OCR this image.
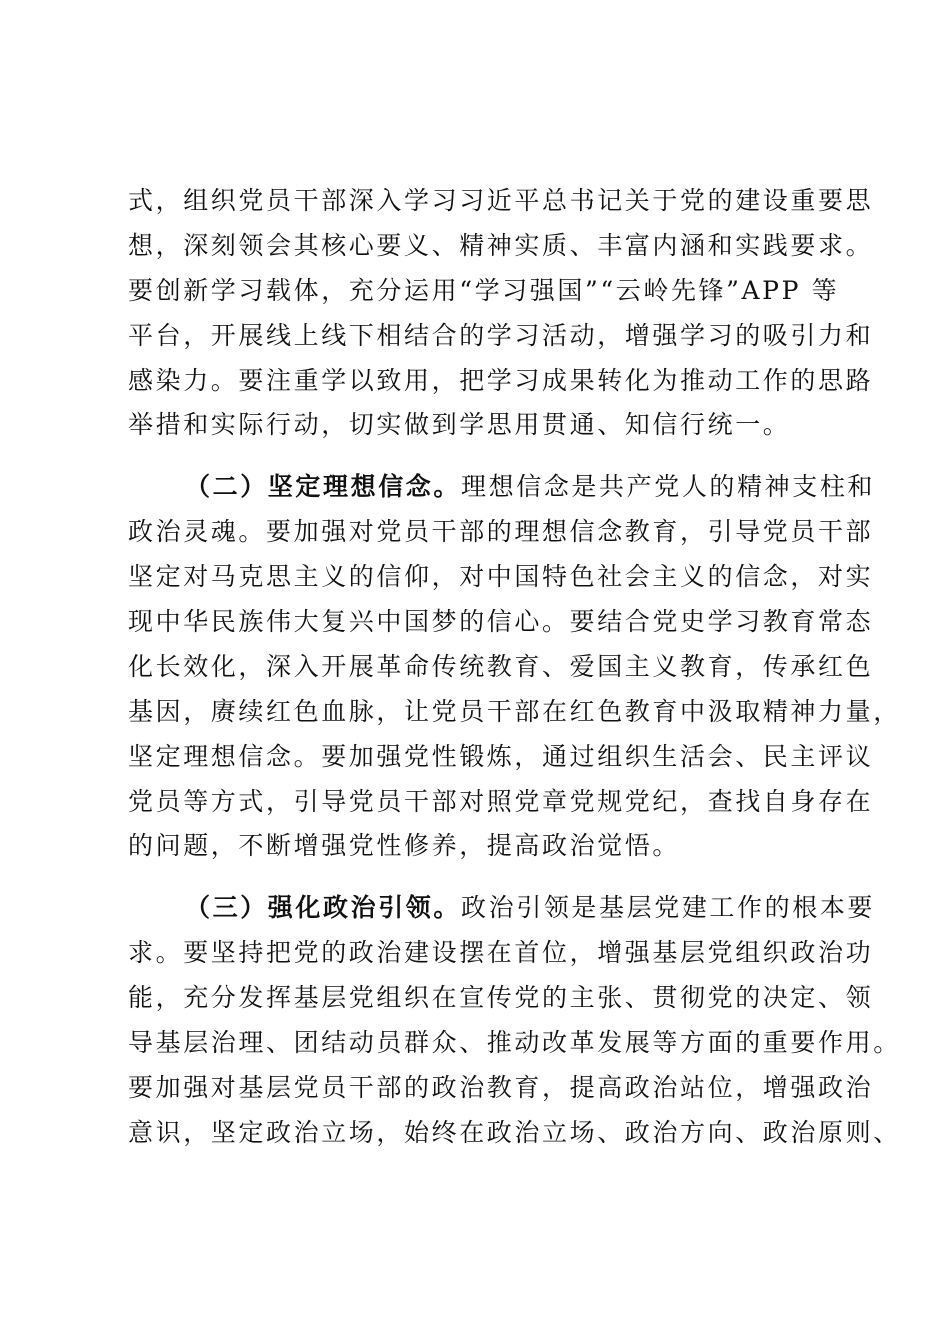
式，组织党员干部深入学习习近平总书记关于党的建设重要思
想，深刻领会其核心要义、精神实质、丰富内涵和实践要求。
要创新学习载体，充分运用“学习强国”“云岭先锋”APP 等
平台，开展线上线下相结合的学习活动，增强学习的吸引力和
感染力。要注重学以致用，把学习成果转化为推动工作的思路
举措和实际行动，切实做到学思用贯通、知信行统一。
（二）坚定理想信念。理想信念是共产党人的精神支柱和
政治灵魂。要加强对党员干部的理想信念教育，引导党员干部
坚定对马克思主义的信仰，对中国特色社会主义的信念，对实
现中华民族伟大复兴中国梦的信心。要结合党史学习教育常态
化长效化，深入开展革命传统教育、爱国主义教育，传承红色
基因，赓续红色血脉，让党员干部在红色教育中汲取精神力量，
坚定理想信念。要加强党性锻炼，通过组织生活会、民主评议
党员等方式，引导党员干部对照党章党规党纪，查找自身存在
的问题，不断增强党性修养，提高政治觉悟。
（三）强化政治引领。政治引领是基层党建工作的根本要
求。要坚持把党的政治建设摆在首位，增强基层党组织政治功
能，充分发挥基层党组织在宣传党的主张、贯彻党的决定、领
导基层治理、团结动员群众、推动改革发展等方面的重要作用。
要加强对基层党员干部的政治教育，提高政治站位，增强政治
意识，坚定政治立场，始终在政治立场、政治方向、政治原则、
